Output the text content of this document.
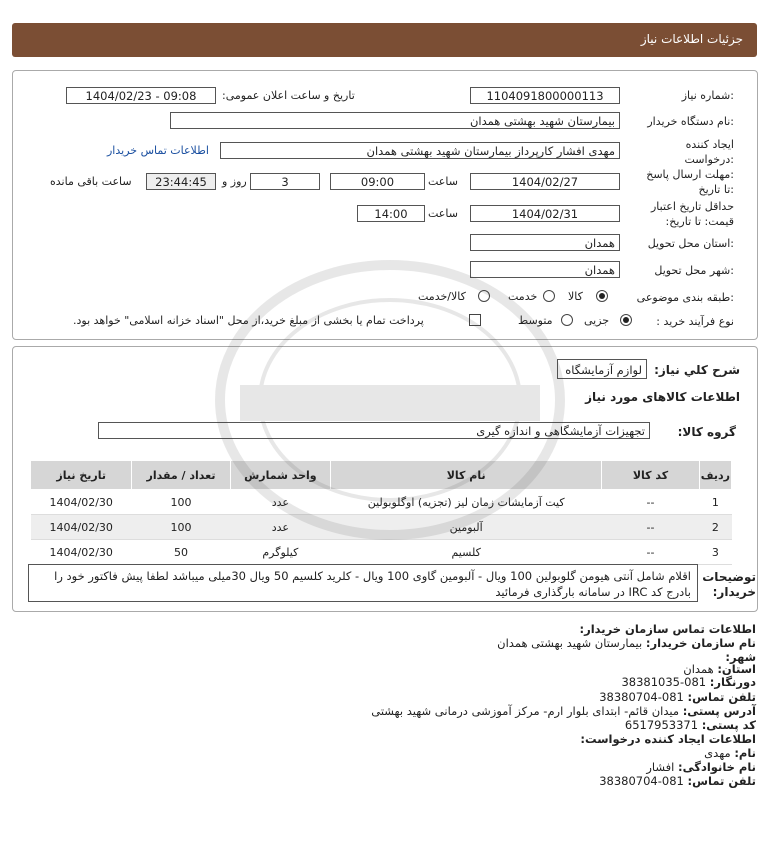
جزئیات اطلاعات نیاز
شماره نیاز:
1104091800000113
تاریخ و ساعت اعلان عمومی:
1404/02/23 - 09:08
نام دستگاه خریدار:
بیمارستان شهید بهشتی همدان
ایجاد کننده
درخواست:
مهدی افشار کارپرداز بیمارستان شهید بهشتی همدان
اطلاعات تماس خریدار
مهلت ارسال پاسخ:
تا تاریخ:
1404/02/27
ساعت
09:00
3
روز و
23:44:45
ساعت باقی مانده
حداقل تاریخ اعتبار
قیمت: تا تاریخ:
1404/02/31
ساعت
14:00
استان محل تحویل:
همدان
شهر محل تحویل:
همدان
طبقه بندی موضوعی:
کالا
خدمت
کالا/خدمت
نوع فرآیند خرید :
جزیی
متوسط
پرداخت تمام یا بخشی از مبلغ خرید،از محل "اسناد خزانه اسلامی" خواهد بود.
شرح کلي نياز:
لوازم آزمایشگاه
اطلاعات کالاهای مورد نیاز
گروه کالا:
تجهیزات آزمایشگاهی و اندازه گیری
ردیف	کد کالا	نام کالا	واحد شمارش	تعداد / مقدار	تاریخ نیاز
1	--	کیت آزمایشات زمان لیز (تجزیه) اوگلوبولین	عدد	100	1404/02/30
2	--	آلبومین	عدد	100	1404/02/30
3	--	کلسیم	کیلوگرم	50	1404/02/30
توضیحات
خریدار:
اقلام شامل آنتی هیومن گلوبولین 100 ویال - آلبومین گاوی 100 ویال - کلرید کلسیم 50 ویال 30میلی میباشد لطفا پیش فاکتور خود را بادرج کد IRC در سامانه بارگذاری فرمائید
اطلاعات تماس سازمان خریدار:
نام سازمان خریدار: بیمارستان شهید بهشتی همدان
شهر:
استان: همدان
دورنگار: 081-38381035
تلفن تماس: 081-38380704
آدرس پستی: میدان قائم- ابتدای بلوار ارم- مرکز آموزشی درمانی شهید بهشتی
کد پستی: 6517953371
اطلاعات ایجاد کننده درخواست:
نام: مهدی
نام خانوادگی: افشار
تلفن تماس: 081-38380704
